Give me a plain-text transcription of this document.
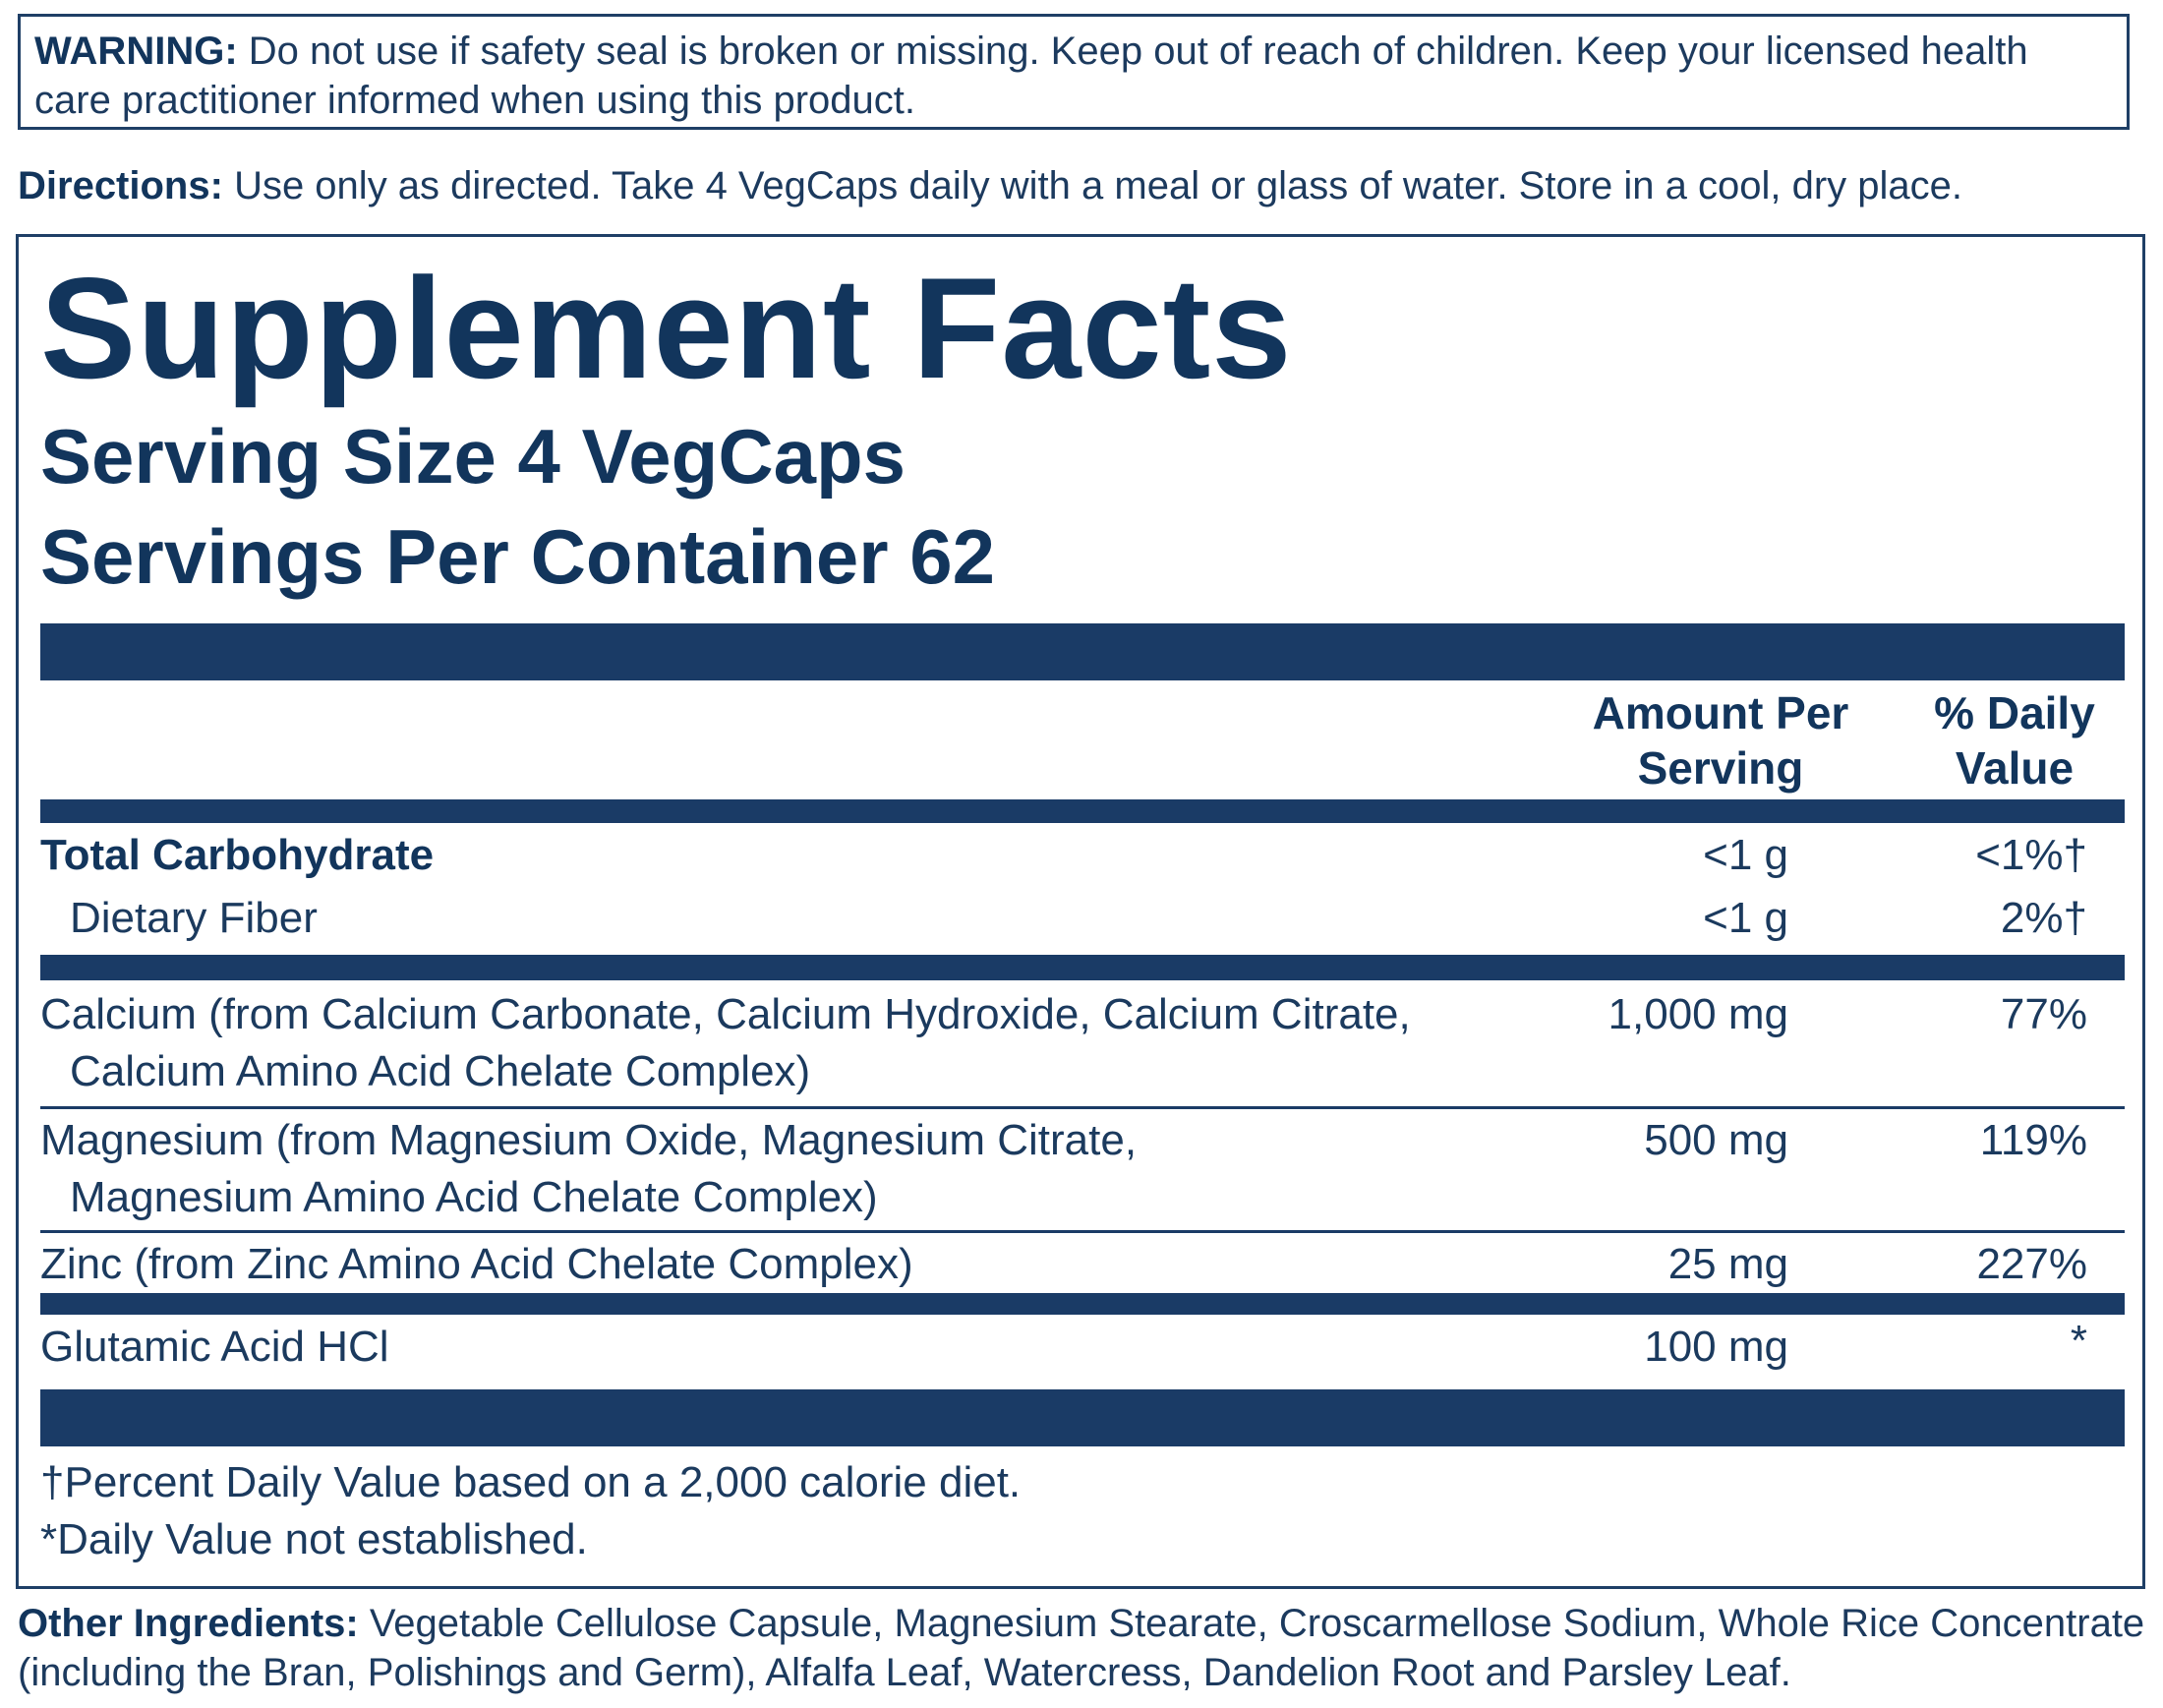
WARNING: Do not use if safety seal is broken or missing. Keep out of reach of children. Keep your licensed health care practitioner informed when using this product.
Directions: Use only as directed. Take 4 VegCaps daily with a meal or glass of water. Store in a cool, dry place.
Supplement Facts
Serving Size 4 VegCaps
Servings Per Container 62
Amount Per
Serving
% Daily
Value
Total Carbohydrate	<1 g	<1%†
Dietary Fiber	<1 g	2%†
Calcium (from Calcium Carbonate, Calcium Hydroxide, Calcium Citrate,
Calcium Amino Acid Chelate Complex)
1,000 mg	77%
Magnesium (from Magnesium Oxide, Magnesium Citrate,
Magnesium Amino Acid Chelate Complex)
500 mg	119%
Zinc (from Zinc Amino Acid Chelate Complex)	25 mg	227%
Glutamic Acid HCl	100 mg	*
†Percent Daily Value based on a 2,000 calorie diet.
*Daily Value not established.
Other Ingredients: Vegetable Cellulose Capsule, Magnesium Stearate, Croscarmellose Sodium, Whole Rice Concentrate (including the Bran, Polishings and Germ), Alfalfa Leaf, Watercress, Dandelion Root and Parsley Leaf.
